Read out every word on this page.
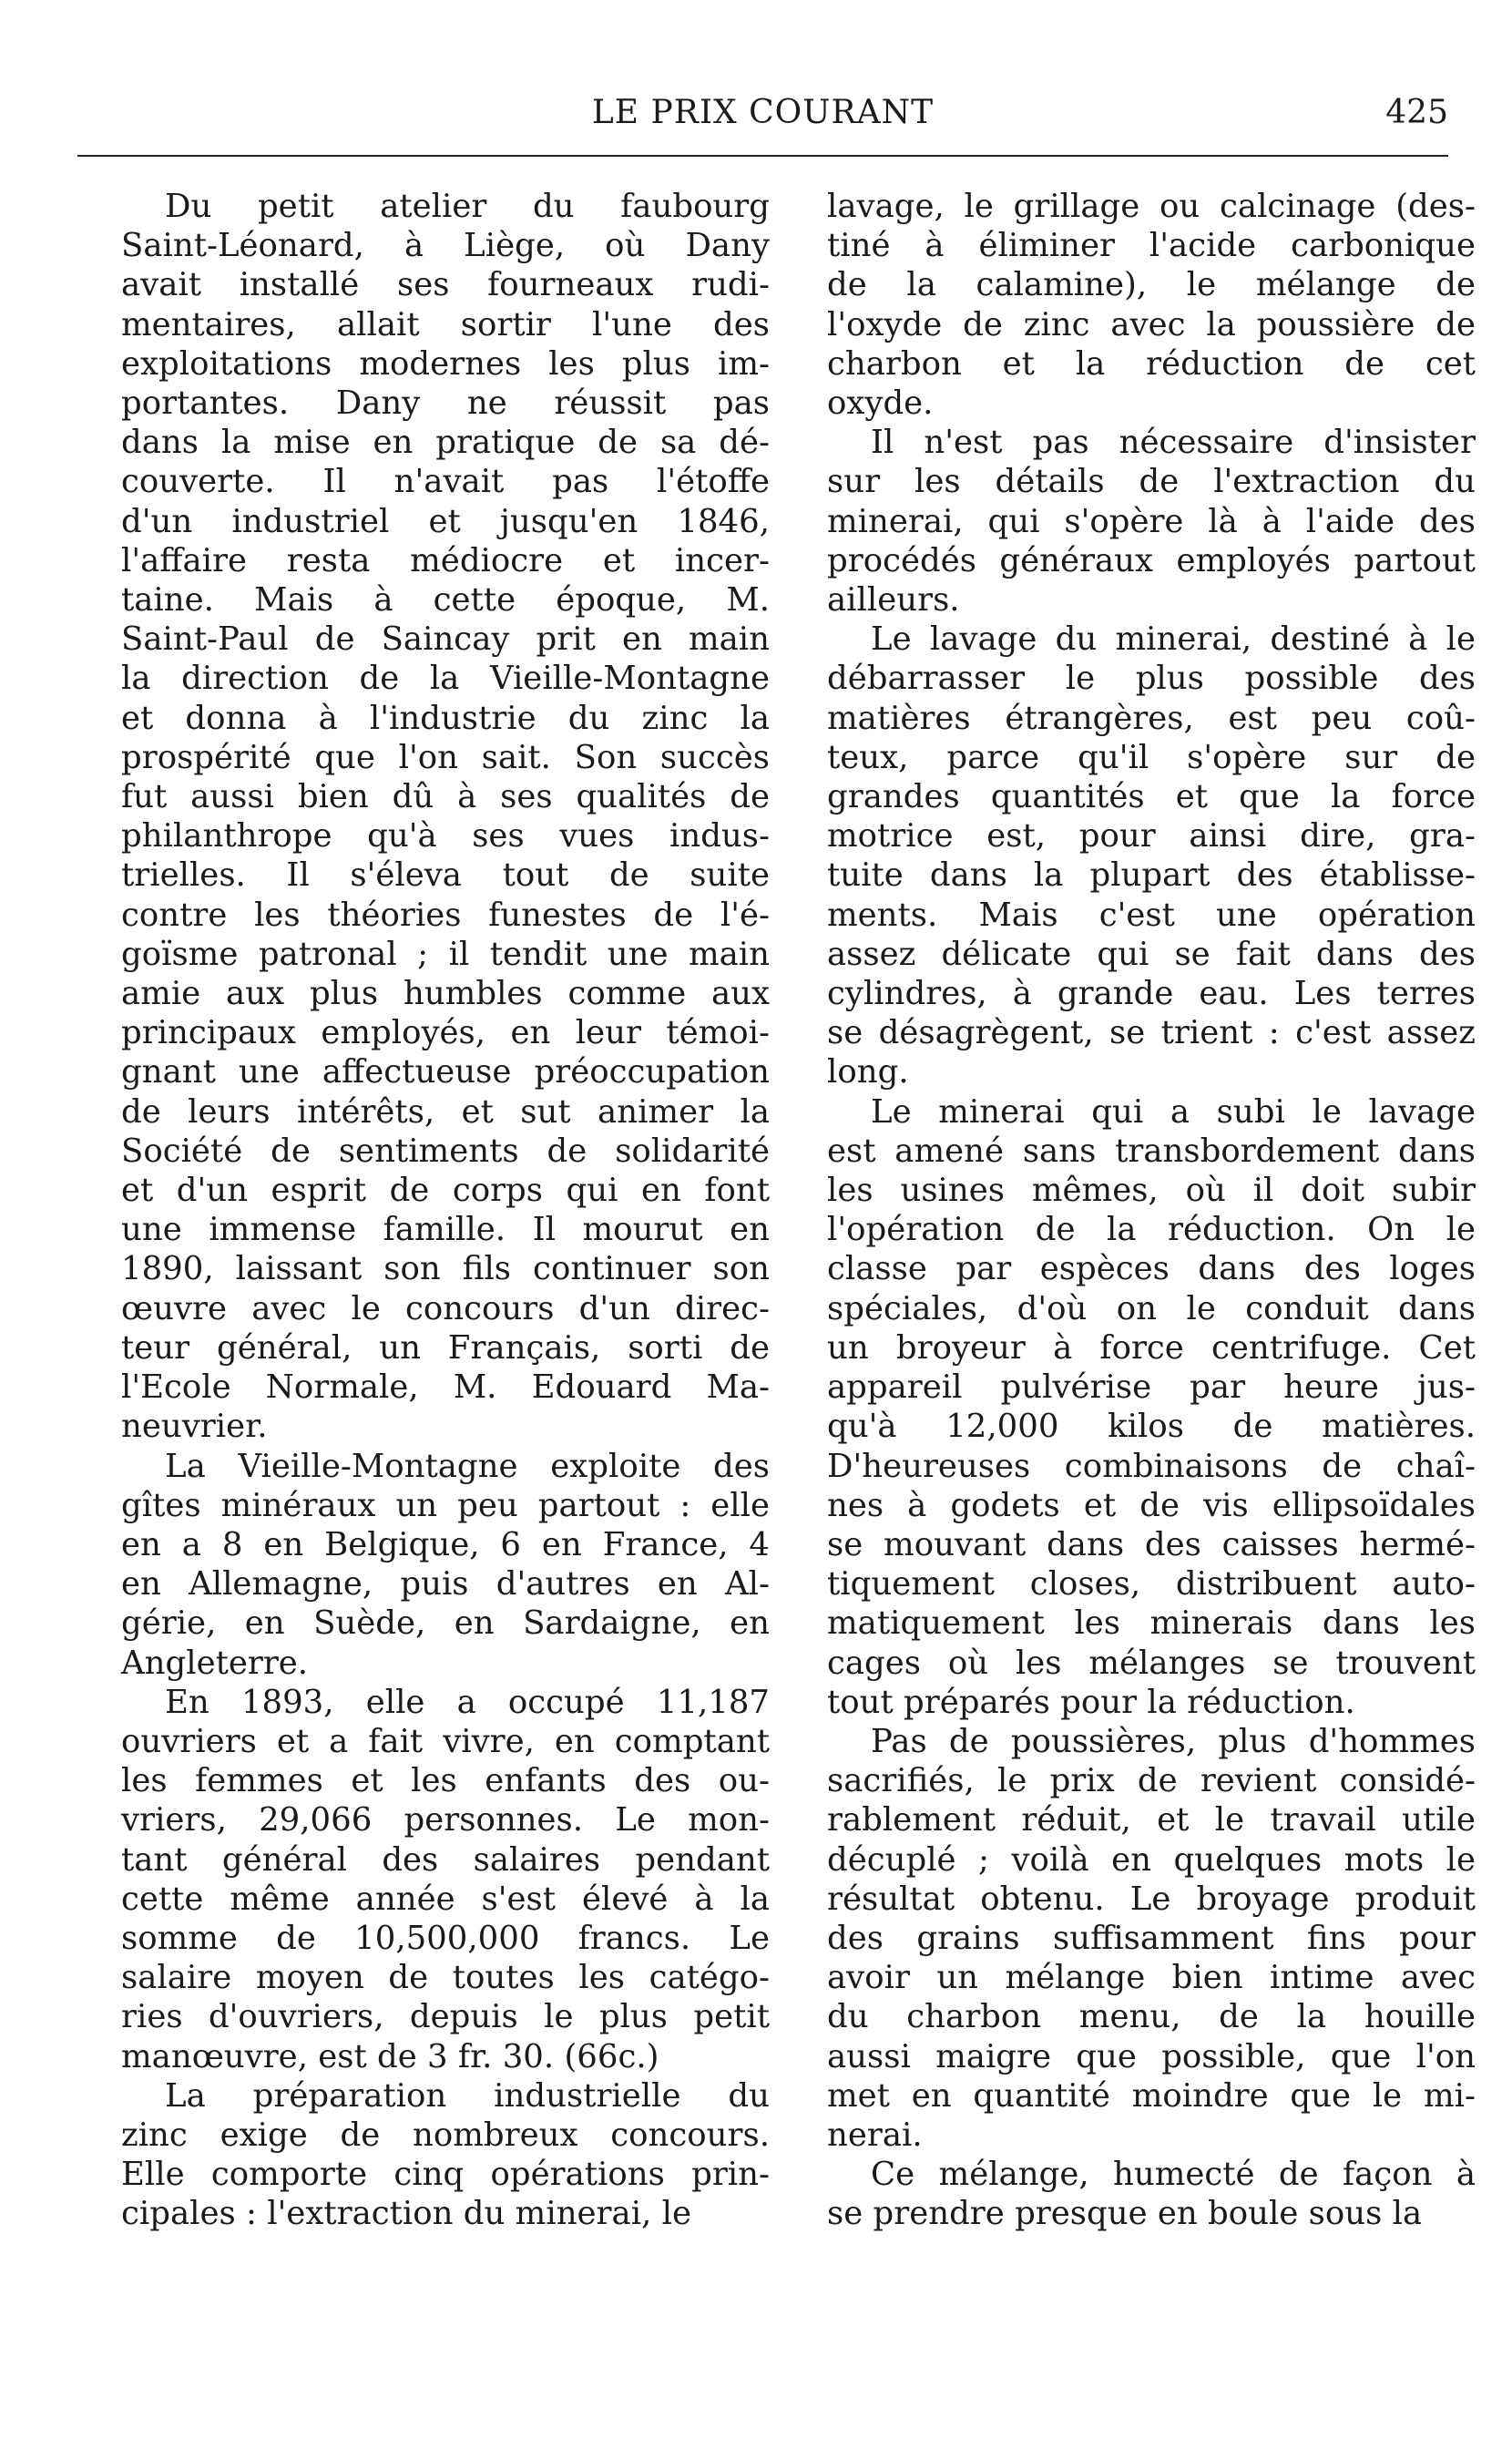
LE PRIX COURANT	425
Du petit atelier du faubourg
Saint-Léonard, à Liège, où Dany
avait installé ses fourneaux rudi-
mentaires, allait sortir l'une des
exploitations modernes les plus im-
portantes. Dany ne réussit pas
dans la mise en pratique de sa dé-
couverte. Il n'avait pas l'étoffe
d'un industriel et jusqu'en 1846,
l'affaire resta médiocre et incer-
taine. Mais à cette époque, M.
Saint-Paul de Saincay prit en main
la direction de la Vieille-Montagne
et donna à l'industrie du zinc la
prospérité que l'on sait. Son succès
fut aussi bien dû à ses qualités de
philanthrope qu'à ses vues indus-
trielles. Il s'éleva tout de suite
contre les théories funestes de l'é-
goïsme patronal ; il tendit une main
amie aux plus humbles comme aux
principaux employés, en leur témoi-
gnant une affectueuse préoccupation
de leurs intérêts, et sut animer la
Société de sentiments de solidarité
et d'un esprit de corps qui en font
une immense famille. Il mourut en
1890, laissant son fils continuer son
œuvre avec le concours d'un direc-
teur général, un Français, sorti de
l'Ecole Normale, M. Edouard Ma-
neuvrier.
La Vieille-Montagne exploite des
gîtes minéraux un peu partout : elle
en a 8 en Belgique, 6 en France, 4
en Allemagne, puis d'autres en Al-
gérie, en Suède, en Sardaigne, en
Angleterre.
En 1893, elle a occupé 11,187
ouvriers et a fait vivre, en comptant
les femmes et les enfants des ou-
vriers, 29,066 personnes. Le mon-
tant général des salaires pendant
cette même année s'est élevé à la
somme de 10,500,000 francs. Le
salaire moyen de toutes les catégo-
ries d'ouvriers, depuis le plus petit
manœuvre, est de 3 fr. 30. (66c.)
La préparation industrielle du
zinc exige de nombreux concours.
Elle comporte cinq opérations prin-
cipales : l'extraction du minerai, le
lavage, le grillage ou calcinage (des-
tiné à éliminer l'acide carbonique
de la calamine), le mélange de
l'oxyde de zinc avec la poussière de
charbon et la réduction de cet
oxyde.
Il n'est pas nécessaire d'insister
sur les détails de l'extraction du
minerai, qui s'opère là à l'aide des
procédés généraux employés partout
ailleurs.
Le lavage du minerai, destiné à le
débarrasser le plus possible des
matières étrangères, est peu coû-
teux, parce qu'il s'opère sur de
grandes quantités et que la force
motrice est, pour ainsi dire, gra-
tuite dans la plupart des établisse-
ments. Mais c'est une opération
assez délicate qui se fait dans des
cylindres, à grande eau. Les terres
se désagrègent, se trient : c'est assez
long.
Le minerai qui a subi le lavage
est amené sans transbordement dans
les usines mêmes, où il doit subir
l'opération de la réduction. On le
classe par espèces dans des loges
spéciales, d'où on le conduit dans
un broyeur à force centrifuge. Cet
appareil pulvérise par heure jus-
qu'à 12,000 kilos de matières.
D'heureuses combinaisons de chaî-
nes à godets et de vis ellipsoïdales
se mouvant dans des caisses hermé-
tiquement closes, distribuent auto-
matiquement les minerais dans les
cages où les mélanges se trouvent
tout préparés pour la réduction.
Pas de poussières, plus d'hommes
sacrifiés, le prix de revient considé-
rablement réduit, et le travail utile
décuplé ; voilà en quelques mots le
résultat obtenu. Le broyage produit
des grains suffisamment fins pour
avoir un mélange bien intime avec
du charbon menu, de la houille
aussi maigre que possible, que l'on
met en quantité moindre que le mi-
nerai.
Ce mélange, humecté de façon à
se prendre presque en boule sous la
